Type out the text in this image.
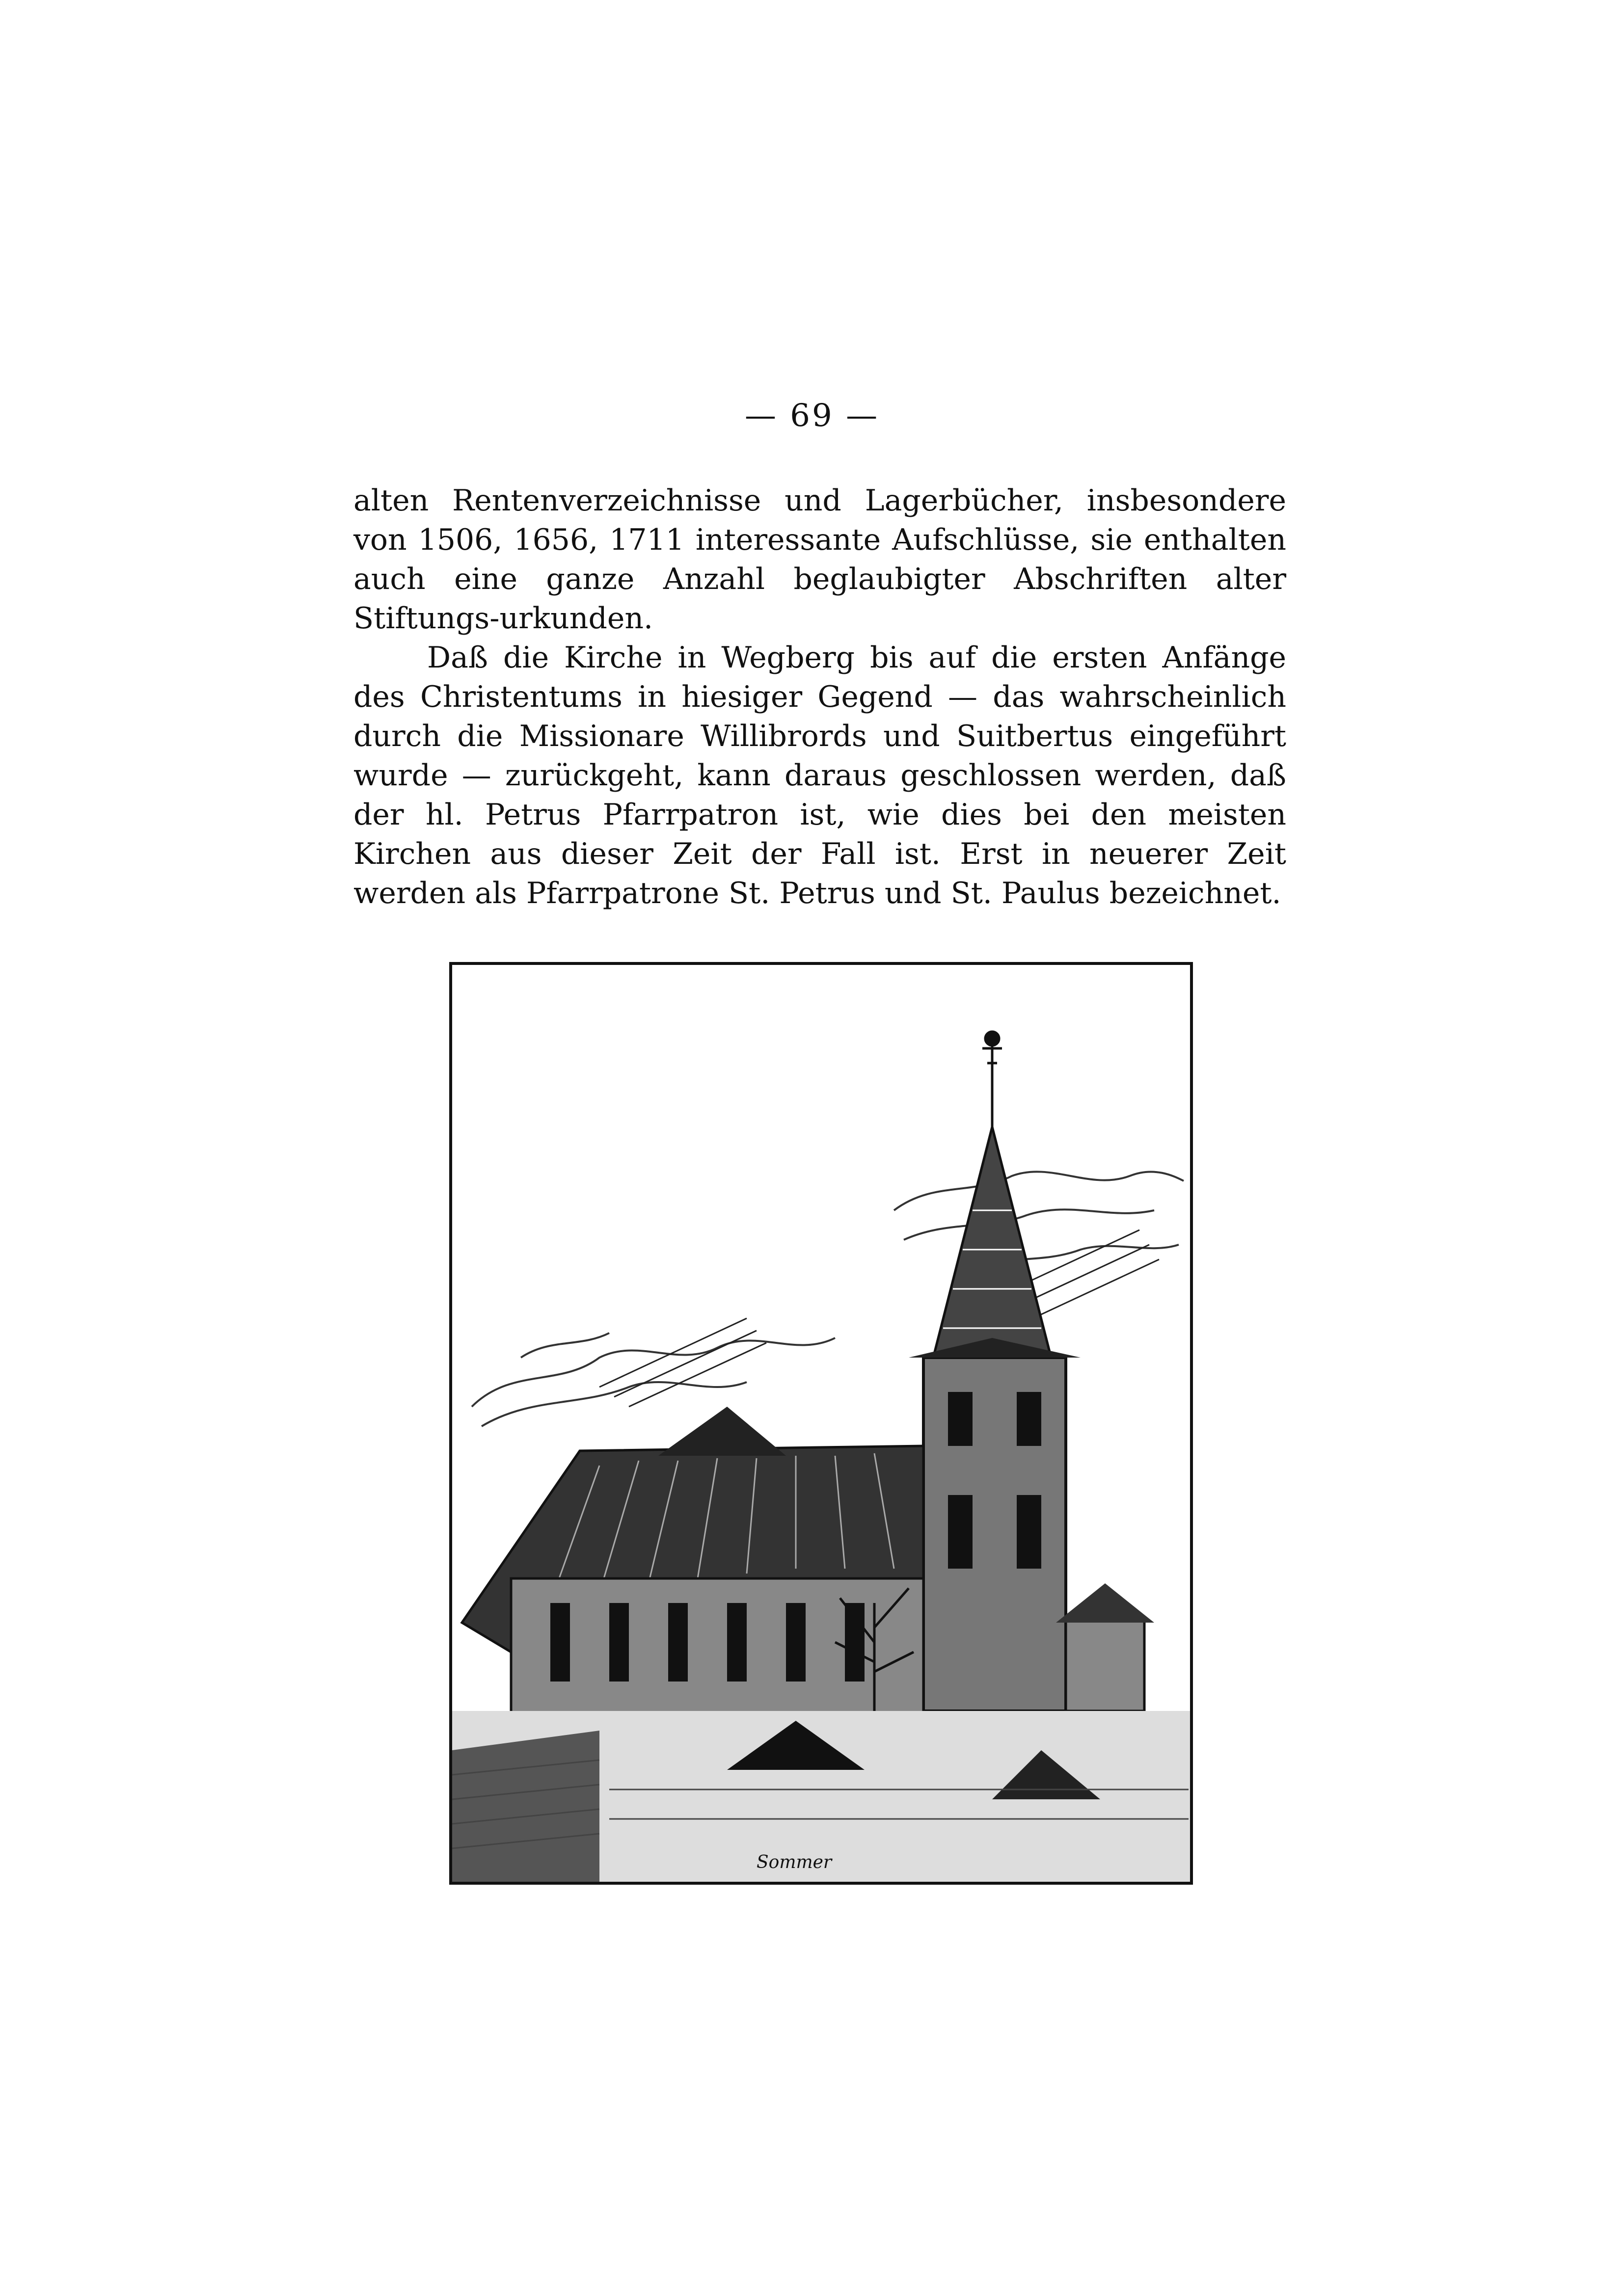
— 69 —

alten Rentenverzeichnisse und Lagerbücher, insbesondere von 1506, 1656, 1711 interessante Aufschlüsse, sie enthalten auch eine ganze Anzahl beglaubigter Abschriften alter Stiftungs-urkunden.

Daß die Kirche in Wegberg bis auf die ersten Anfänge des Christentums in hiesiger Gegend — das wahrscheinlich durch die Missionare Willibrords und Suitbertus eingeführt wurde — zurückgeht, kann daraus geschlossen werden, daß der hl. Petrus Pfarrpatron ist, wie dies bei den meisten Kirchen aus dieser Zeit der Fall ist. Erst in neuerer Zeit werden als Pfarrpatrone St. Petrus und St. Paulus bezeichnet.

Sommer
